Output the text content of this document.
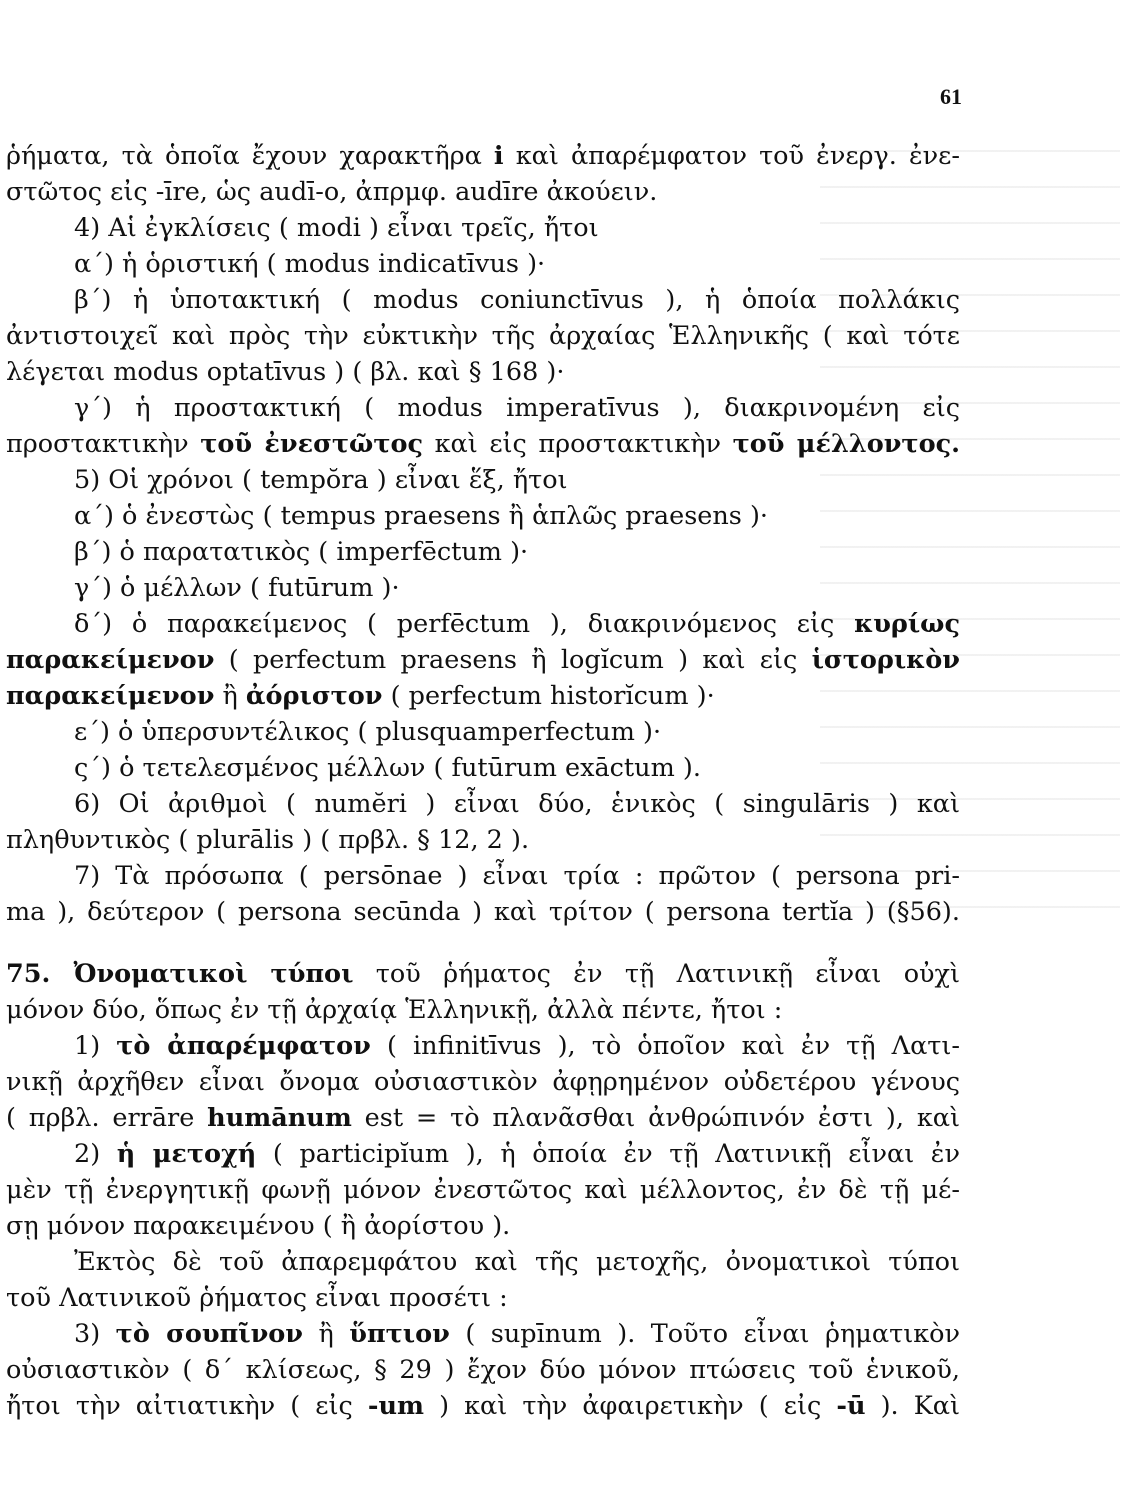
61
ῥήματα, τὰ ὁποῖα ἔχουν χαρακτῆρα i καὶ ἀπαρέμφατον τοῦ ἐνεργ. ἐνε-
στῶτος εἰς -īre, ὡς audī-o, ἀπρμφ. audīre ἀκούειν.
4) Αἱ ἐγκλίσεις ( modi ) εἶναι τρεῖς, ἤτοι
α΄) ἡ ὁριστική ( modus indicatīvus )·
β΄) ἡ ὑποτακτική ( modus coniunctīvus ), ἡ ὁποία πολλάκις
ἀντιστοιχεῖ καὶ πρὸς τὴν εὐκτικὴν τῆς ἀρχαίας Ἑλληνικῆς ( καὶ τότε
λέγεται modus optatīvus ) ( βλ. καὶ § 168 )·
γ΄) ἡ προστακτική ( modus imperatīvus ), διακρινομένη εἰς
προστακτικὴν τοῦ ἐνεστῶτος καὶ εἰς προστακτικὴν τοῦ μέλλοντος.
5) Οἱ χρόνοι ( tempŏra ) εἶναι ἕξ, ἤτοι
α΄) ὁ ἐνεστὼς ( tempus praesens ἢ ἁπλῶς praesens )·
β΄) ὁ παρατατικὸς ( imperfēctum )·
γ΄) ὁ μέλλων ( futūrum )·
δ΄) ὁ παρακείμενος ( perfēctum ), διακρινόμενος εἰς κυρίως
παρακείμενον ( perfectum praesens ἢ logĭcum ) καὶ εἰς ἱστορικὸν
παρακείμενον ἢ ἀόριστον ( perfectum historĭcum )·
ε΄) ὁ ὑπερσυντέλικος ( plusquamperfectum )·
ς΄) ὁ τετελεσμένος μέλλων ( futūrum exāctum ).
6) Οἱ ἀριθμοὶ ( numĕri ) εἶναι δύο, ἑνικὸς ( singulāris ) καὶ
πληθυντικὸς ( plurālis ) ( πρβλ. § 12, 2 ).
7) Τὰ πρόσωπα ( persōnae ) εἶναι τρία : πρῶτον ( persona pri-
ma ), δεύτερον ( persona secūnda ) καὶ τρίτον ( persona tertĭa ) (§56).
75. Ὀνοματικοὶ τύποι τοῦ ῥήματος ἐν τῇ Λατινικῇ εἶναι οὐχὶ
μόνον δύο, ὅπως ἐν τῇ ἀρχαίᾳ Ἑλληνικῇ, ἀλλὰ πέντε, ἤτοι :
1) τὸ ἀπαρέμφατον ( infinitīvus ), τὸ ὁποῖον καὶ ἐν τῇ Λατι-
νικῇ ἀρχῆθεν εἶναι ὄνομα οὐσιαστικὸν ἀφῃρημένον οὐδετέρου γένους
( πρβλ. errāre humānum est = τὸ πλανᾶσθαι ἀνθρώπινόν ἐστι ), καὶ
2) ἡ μετοχή ( participĭum ), ἡ ὁποία ἐν τῇ Λατινικῇ εἶναι ἐν
μὲν τῇ ἐνεργητικῇ φωνῇ μόνον ἐνεστῶτος καὶ μέλλοντος, ἐν δὲ τῇ μέ-
σῃ μόνον παρακειμένου ( ἢ ἀορίστου ).
Ἐκτὸς δὲ τοῦ ἀπαρεμφάτου καὶ τῆς μετοχῆς, ὀνοματικοὶ τύποι
τοῦ Λατινικοῦ ῥήματος εἶναι προσέτι :
3) τὸ σουπῖνον ἢ ὕπτιον ( supīnum ). Τοῦτο εἶναι ῥηματικὸν
οὐσιαστικὸν ( δ΄ κλίσεως, § 29 ) ἔχον δύο μόνον πτώσεις τοῦ ἑνικοῦ,
ἤτοι τὴν αἰτιατικὴν ( εἰς -um ) καὶ τὴν ἀφαιρετικὴν ( εἰς -ū ). Καὶ
